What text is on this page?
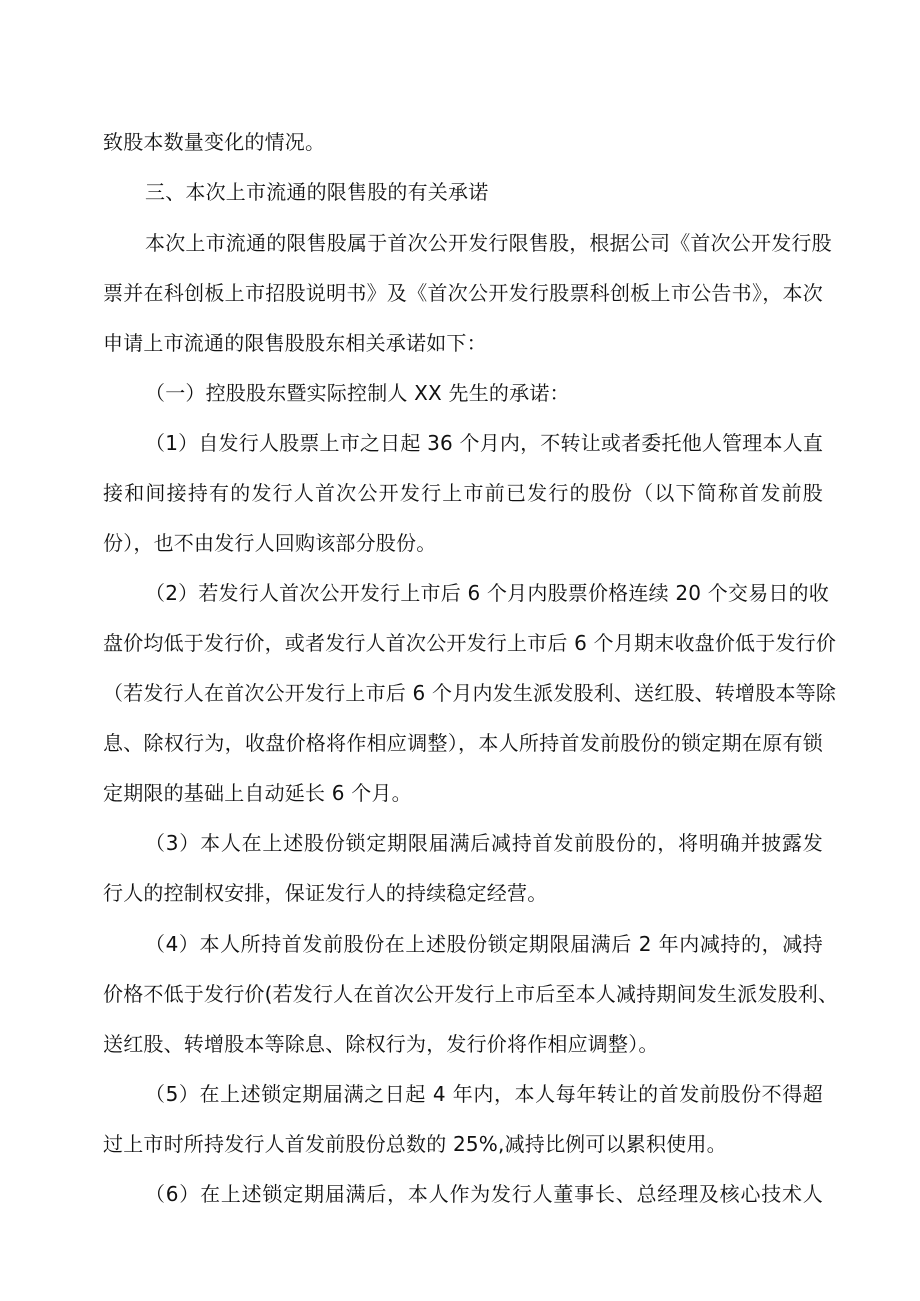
致股本数量变化的情况。
三、本次上市流通的限售股的有关承诺
本次上市流通的限售股属于首次公开发行限售股，根据公司《首次公开发行股
票并在科创板上市招股说明书》及《首次公开发行股票科创板上市公告书》，本次
申请上市流通的限售股股东相关承诺如下：
（一）控股股东暨实际控制人 XX 先生的承诺：
（1）自发行人股票上市之日起 36 个月内，不转让或者委托他人管理本人直
接和间接持有的发行人首次公开发行上市前已发行的股份（以下简称首发前股
份），也不由发行人回购该部分股份。
（2）若发行人首次公开发行上市后 6 个月内股票价格连续 20 个交易日的收
盘价均低于发行价，或者发行人首次公开发行上市后 6 个月期末收盘价低于发行价
（若发行人在首次公开发行上市后 6 个月内发生派发股利、送红股、转增股本等除
息、除权行为，收盘价格将作相应调整），本人所持首发前股份的锁定期在原有锁
定期限的基础上自动延长 6 个月。
（3）本人在上述股份锁定期限届满后减持首发前股份的，将明确并披露发
行人的控制权安排，保证发行人的持续稳定经营。
（4）本人所持首发前股份在上述股份锁定期限届满后 2 年内减持的，减持
价格不低于发行价(若发行人在首次公开发行上市后至本人减持期间发生派发股利、
送红股、转增股本等除息、除权行为，发行价将作相应调整）。
（5）在上述锁定期届满之日起 4 年内，本人每年转让的首发前股份不得超
过上市时所持发行人首发前股份总数的 25%,减持比例可以累积使用。
（6）在上述锁定期届满后，本人作为发行人董事长、总经理及核心技术人
